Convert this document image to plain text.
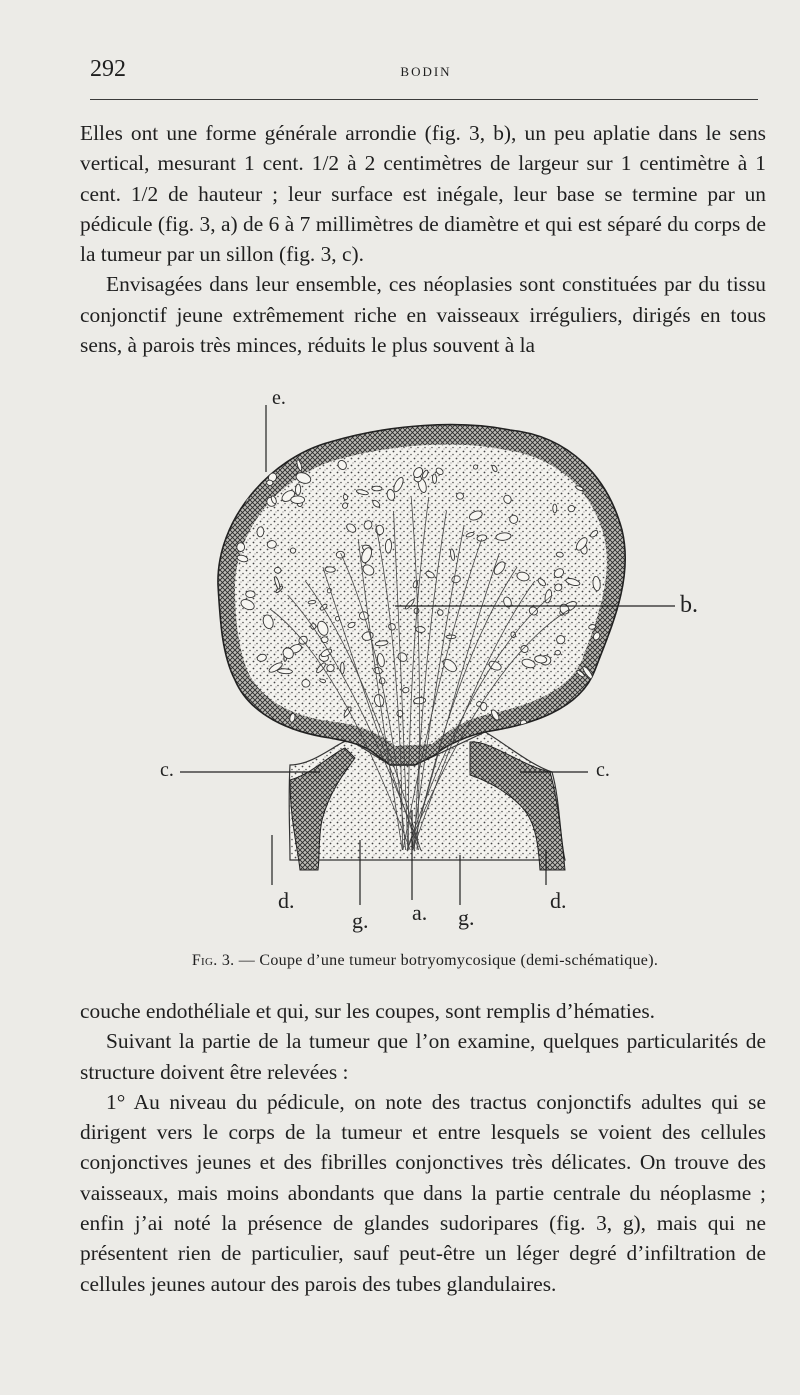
292	BODIN

Elles ont une forme générale arrondie (fig. 3, b), un peu aplatie dans le sens vertical, mesurant 1 cent. 1/2 à 2 centimètres de largeur sur 1 centimètre à 1 cent. 1/2 de hauteur ; leur surface est inégale, leur base se termine par un pédicule (fig. 3, a) de 6 à 7 millimètres de diamètre et qui est séparé du corps de la tumeur par un sillon (fig. 3, c).

Envisagées dans leur ensemble, ces néoplasies sont constituées par du tissu conjonctif jeune extrêmement riche en vaisseaux irréguliers, dirigés en tous sens, à parois très minces, réduits le plus souvent à la

e.
b.
c.	c.
d.
g. a. g.
d.
Fig. 3. — Coupe d’une tumeur botryomycosique (demi-schématique).

couche endothéliale et qui, sur les coupes, sont remplis d’hématies.

Suivant la partie de la tumeur que l’on examine, quelques particularités de structure doivent être relevées :

1° Au niveau du pédicule, on note des tractus conjonctifs adultes qui se dirigent vers le corps de la tumeur et entre lesquels se voient des cellules conjonctives jeunes et des fibrilles conjonctives très délicates. On trouve des vaisseaux, mais moins abondants que dans la partie centrale du néoplasme ; enfin j’ai noté la présence de glandes sudoripares (fig. 3, g), mais qui ne présentent rien de particulier, sauf peut-être un léger degré d’infiltration de cellules jeunes autour des parois des tubes glandulaires.
